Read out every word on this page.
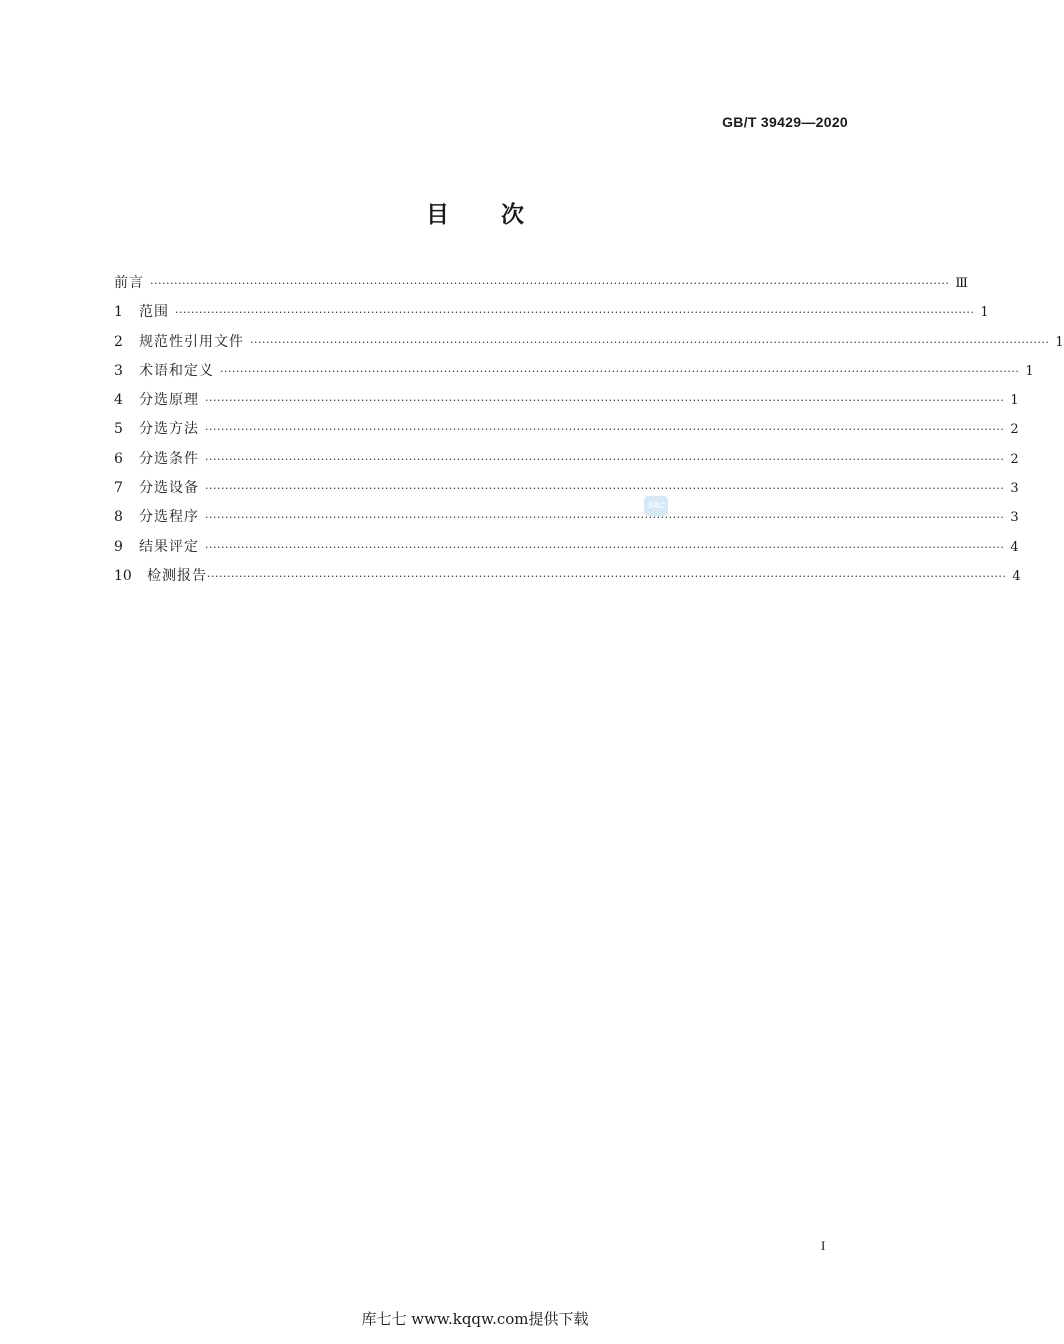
GB/T 39429—2020
目 次
前言 ········································································································································································································ Ⅲ
1	范围 ········································································································································································································ 1
2	规范性引用文件 ········································································································································································································ 1
3	术语和定义 ········································································································································································································ 1
4	分选原理 ········································································································································································································ 1
5	分选方法 ········································································································································································································ 2
6	分选条件 ········································································································································································································ 2
7	分选设备 ········································································································································································································ 3
8	分选程序 ········································································································································································································ 3
9	结果评定 ········································································································································································································ 4
10	检测报告 ········································································································································································································ 4
SAC
I
库七七 www.kqqw.com提供下载
